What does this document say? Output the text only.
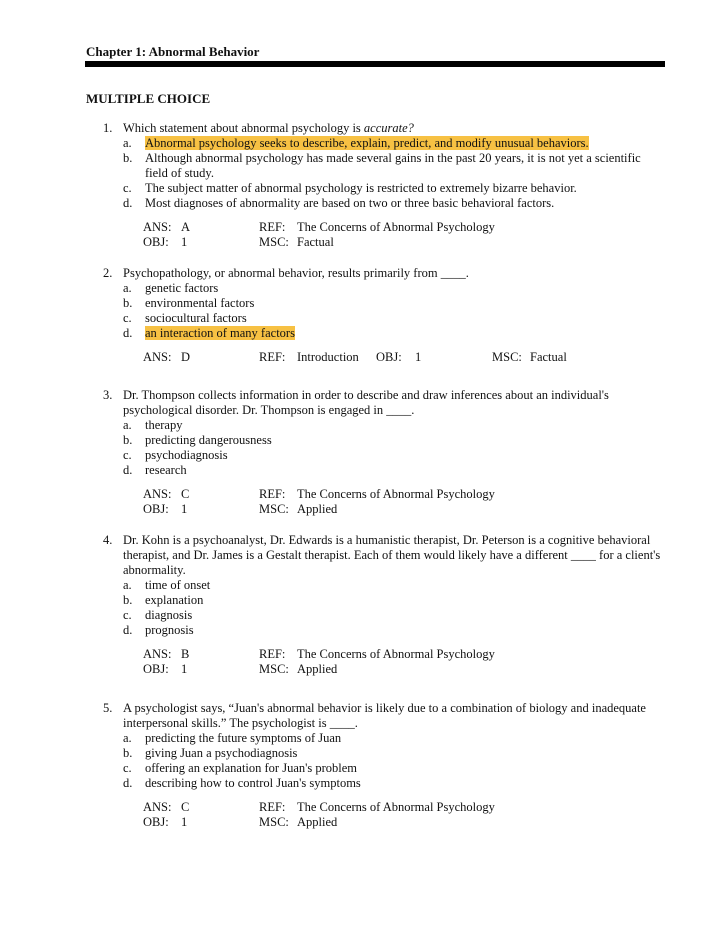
Chapter 1: Abnormal Behavior
MULTIPLE CHOICE
1. Which statement about abnormal psychology is accurate?
a. Abnormal psychology seeks to describe, explain, predict, and modify unusual behaviors.
b. Although abnormal psychology has made several gains in the past 20 years, it is not yet a scientific field of study.
c. The subject matter of abnormal psychology is restricted to extremely bizarre behavior.
d. Most diagnoses of abnormality are based on two or three basic behavioral factors.
ANS: A	REF: The Concerns of Abnormal Psychology
OBJ: 1	MSC: Factual
2. Psychopathology, or abnormal behavior, results primarily from ____.
a. genetic factors
b. environmental factors
c. sociocultural factors
d. an interaction of many factors
ANS: D	REF: Introduction OBJ: 1	MSC: Factual
3. Dr. Thompson collects information in order to describe and draw inferences about an individual's psychological disorder. Dr. Thompson is engaged in ____.
a. therapy
b. predicting dangerousness
c. psychodiagnosis
d. research
ANS: C	REF: The Concerns of Abnormal Psychology
OBJ: 1	MSC: Applied
4. Dr. Kohn is a psychoanalyst, Dr. Edwards is a humanistic therapist, Dr. Peterson is a cognitive behavioral therapist, and Dr. James is a Gestalt therapist. Each of them would likely have a different ____ for a client's abnormality.
a. time of onset
b. explanation
c. diagnosis
d. prognosis
ANS: B	REF: The Concerns of Abnormal Psychology
OBJ: 1	MSC: Applied
5. A psychologist says, “Juan's abnormal behavior is likely due to a combination of biology and inadequate interpersonal skills.” The psychologist is ____.
a. predicting the future symptoms of Juan
b. giving Juan a psychodiagnosis
c. offering an explanation for Juan's problem
d. describing how to control Juan's symptoms
ANS: C	REF: The Concerns of Abnormal Psychology
OBJ: 1	MSC: Applied
